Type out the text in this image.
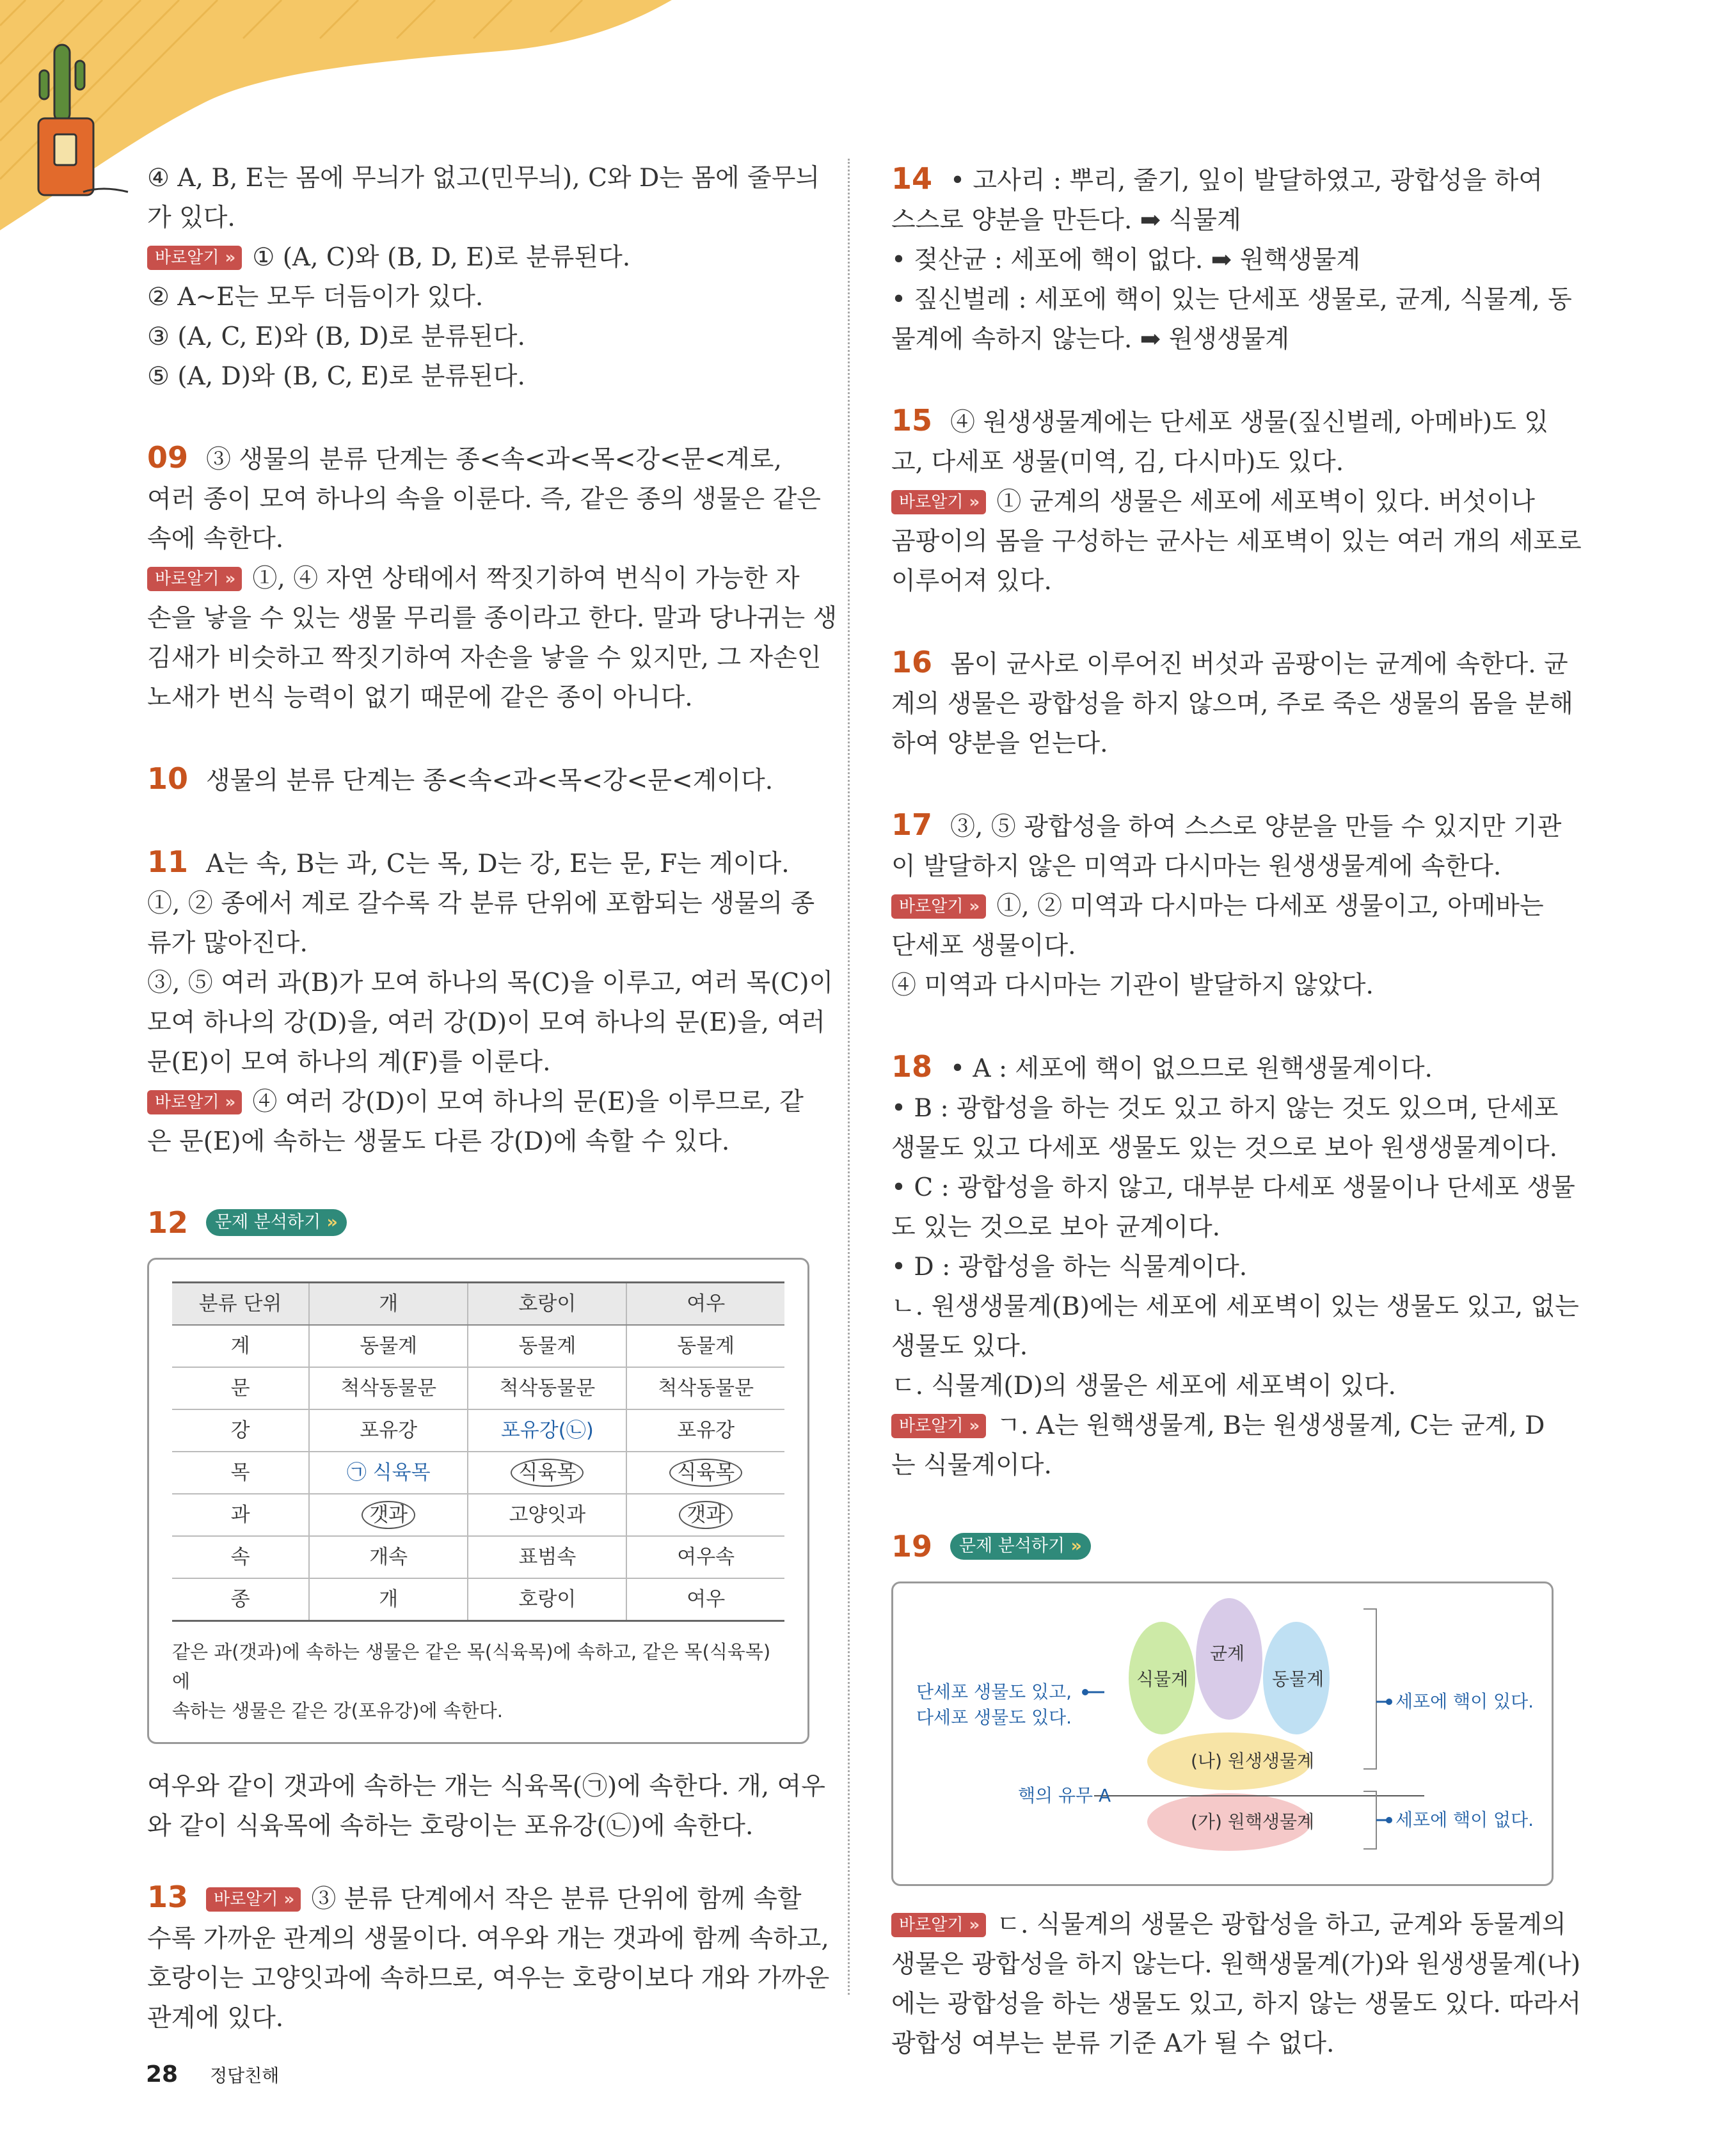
④ A, B, E는 몸에 무늬가 없고(민무늬), C와 D는 몸에 줄무늬
가 있다.
바로알기 » ① (A, C)와 (B, D, E)로 분류된다.
② A~E는 모두 더듬이가 있다.
③ (A, C, E)와 (B, D)로 분류된다.
⑤ (A, D)와 (B, C, E)로 분류된다.
09 ③ 생물의 분류 단계는 종<속<과<목<강<문<계로,
여러 종이 모여 하나의 속을 이룬다. 즉, 같은 종의 생물은 같은
속에 속한다.
바로알기 » ①, ④ 자연 상태에서 짝짓기하여 번식이 가능한 자
손을 낳을 수 있는 생물 무리를 종이라고 한다. 말과 당나귀는 생
김새가 비슷하고 짝짓기하여 자손을 낳을 수 있지만, 그 자손인
노새가 번식 능력이 없기 때문에 같은 종이 아니다.
10 생물의 분류 단계는 종<속<과<목<강<문<계이다.
11 A는 속, B는 과, C는 목, D는 강, E는 문, F는 계이다.
①, ② 종에서 계로 갈수록 각 분류 단위에 포함되는 생물의 종
류가 많아진다.
③, ⑤ 여러 과(B)가 모여 하나의 목(C)을 이루고, 여러 목(C)이
모여 하나의 강(D)을, 여러 강(D)이 모여 하나의 문(E)을, 여러
문(E)이 모여 하나의 계(F)를 이룬다.
바로알기 » ④ 여러 강(D)이 모여 하나의 문(E)을 이루므로, 같
은 문(E)에 속하는 생물도 다른 강(D)에 속할 수 있다.
12 문제 분석하기 »
분류 단위	개	호랑이	여우
계	동물계	동물계	동물계
문	척삭동물문	척삭동물문	척삭동물문
강	포유강	포유강(㉡)	포유강
목	㉠ 식육목	식육목	식육목
과	갯과	고양잇과	갯과
속	개속	표범속	여우속
종	개	호랑이	여우
같은 과(갯과)에 속하는 생물은 같은 목(식육목)에 속하고, 같은 목(식육목)에
속하는 생물은 같은 강(포유강)에 속한다.
여우와 같이 갯과에 속하는 개는 식육목(㉠)에 속한다. 개, 여우
와 같이 식육목에 속하는 호랑이는 포유강(㉡)에 속한다.
13 바로알기 » ③ 분류 단계에서 작은 분류 단위에 함께 속할
수록 가까운 관계의 생물이다. 여우와 개는 갯과에 함께 속하고,
호랑이는 고양잇과에 속하므로, 여우는 호랑이보다 개와 가까운
관계에 있다.
14 • 고사리 : 뿌리, 줄기, 잎이 발달하였고, 광합성을 하여
스스로 양분을 만든다. ➡ 식물계
• 젖산균 : 세포에 핵이 없다. ➡ 원핵생물계
• 짚신벌레 : 세포에 핵이 있는 단세포 생물로, 균계, 식물계, 동
물계에 속하지 않는다. ➡ 원생생물계
15 ④ 원생생물계에는 단세포 생물(짚신벌레, 아메바)도 있
고, 다세포 생물(미역, 김, 다시마)도 있다.
바로알기 » ① 균계의 생물은 세포에 세포벽이 있다. 버섯이나
곰팡이의 몸을 구성하는 균사는 세포벽이 있는 여러 개의 세포로
이루어져 있다.
16 몸이 균사로 이루어진 버섯과 곰팡이는 균계에 속한다. 균
계의 생물은 광합성을 하지 않으며, 주로 죽은 생물의 몸을 분해
하여 양분을 얻는다.
17 ③, ⑤ 광합성을 하여 스스로 양분을 만들 수 있지만 기관
이 발달하지 않은 미역과 다시마는 원생생물계에 속한다.
바로알기 » ①, ② 미역과 다시마는 다세포 생물이고, 아메바는
단세포 생물이다.
④ 미역과 다시마는 기관이 발달하지 않았다.
18 • A : 세포에 핵이 없으므로 원핵생물계이다.
• B : 광합성을 하는 것도 있고 하지 않는 것도 있으며, 단세포
생물도 있고 다세포 생물도 있는 것으로 보아 원생생물계이다.
• C : 광합성을 하지 않고, 대부분 다세포 생물이나 단세포 생물
도 있는 것으로 보아 균계이다.
• D : 광합성을 하는 식물계이다.
ㄴ. 원생생물계(B)에는 세포에 세포벽이 있는 생물도 있고, 없는
생물도 있다.
ㄷ. 식물계(D)의 생물은 세포에 세포벽이 있다.
바로알기 » ㄱ. A는 원핵생물계, B는 원생생물계, C는 균계, D
는 식물계이다.
19 문제 분석하기 »
식물계
균계
동물계
(나) 원생생물계
(가) 원핵생물계
단세포 생물도 있고,
다세포 생물도 있다.
핵의 유무 A
세포에 핵이 있다.
세포에 핵이 없다.
바로알기 » ㄷ. 식물계의 생물은 광합성을 하고, 균계와 동물계의
생물은 광합성을 하지 않는다. 원핵생물계(가)와 원생생물계(나)
에는 광합성을 하는 생물도 있고, 하지 않는 생물도 있다. 따라서
광합성 여부는 분류 기준 A가 될 수 없다.
28 정답친해
